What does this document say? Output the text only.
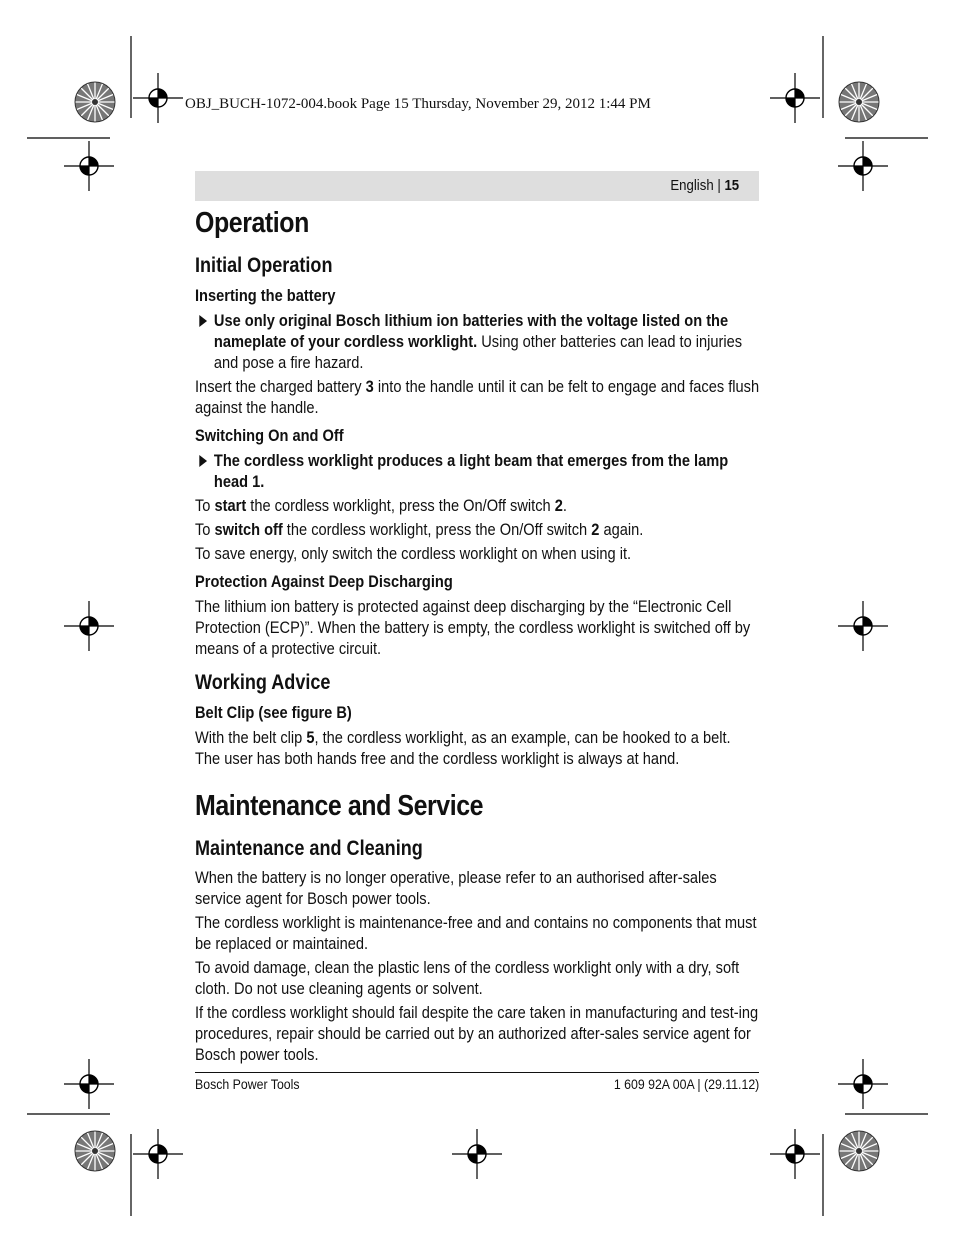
OBJ_BUCH-1072-004.book Page 15 Thursday, November 29, 2012 1:44 PM
English | 15
Operation
Initial Operation
Inserting the battery
Use only original Bosch lithium ion batteries with the voltage listed on the nameplate of your cordless worklight. Using other batteries can lead to injuries and pose a fire hazard.

Insert the charged battery 3 into the handle until it can be felt to engage and faces flush against the handle.

Switching On and Off
The cordless worklight produces a light beam that emerges from the lamp head 1.

To start the cordless worklight, press the On/Off switch 2.

To switch off the cordless worklight, press the On/Off switch 2 again.

To save energy, only switch the cordless worklight on when using it.

Protection Against Deep Discharging

The lithium ion battery is protected against deep discharging by the “Electronic Cell Protection (ECP)”. When the battery is empty, the cordless worklight is switched off by means of a protective circuit.

Working Advice
Belt Clip (see figure B)

With the belt clip 5, the cordless worklight, as an example, can be hooked to a belt. The user has both hands free and the cordless worklight is always at hand.

Maintenance and Service
Maintenance and Cleaning

When the battery is no longer operative, please refer to an authorised after-sales service agent for Bosch power tools.

The cordless worklight is maintenance-free and and contains no components that must be replaced or maintained.

To avoid damage, clean the plastic lens of the cordless worklight only with a dry, soft cloth. Do not use cleaning agents or solvent.

If the cordless worklight should fail despite the care taken in manufacturing and test-ing procedures, repair should be carried out by an authorized after-sales service agent for Bosch power tools.

Bosch Power Tools	1 609 92A 00A | (29.11.12)
